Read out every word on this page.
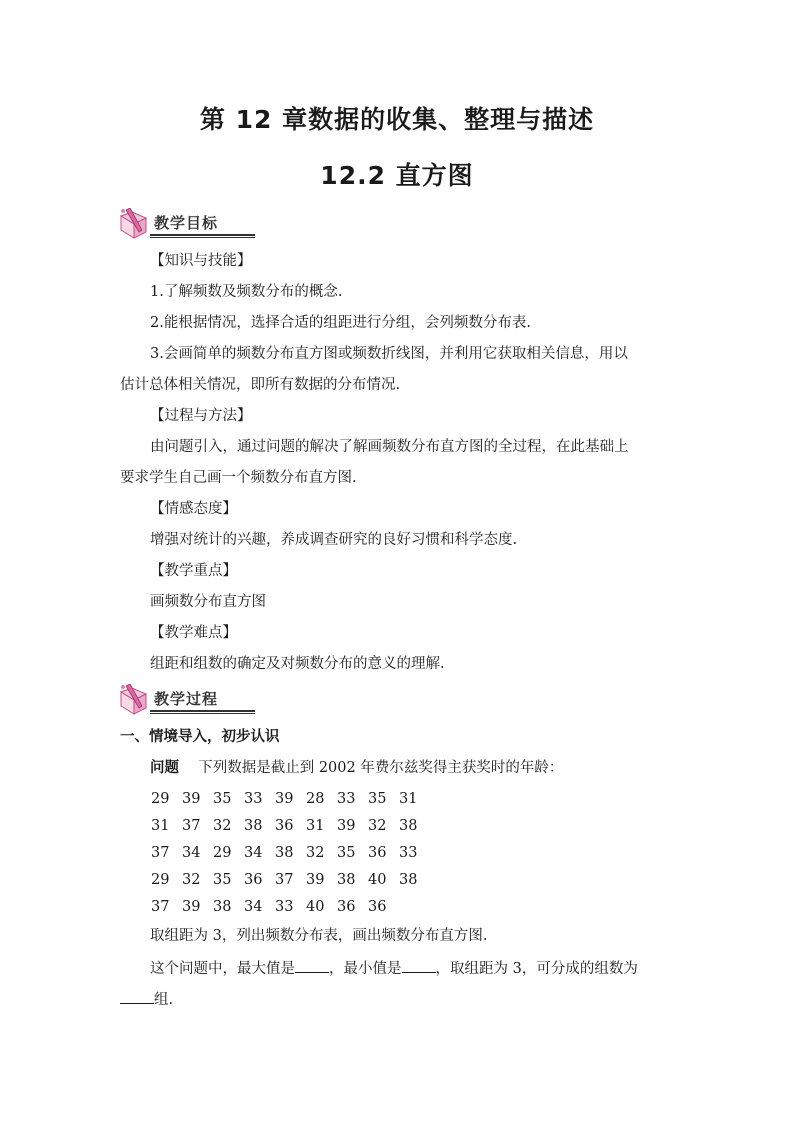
第 12 章数据的收集、整理与描述
12.2 直方图
教学目标
【知识与技能】
1.了解频数及频数分布的概念.
2.能根据情况，选择合适的组距进行分组，会列频数分布表.
3.会画简单的频数分布直方图或频数折线图，并利用它获取相关信息，用以
估计总体相关情况，即所有数据的分布情况.
【过程与方法】
由问题引入，通过问题的解决了解画频数分布直方图的全过程，在此基础上
要求学生自己画一个频数分布直方图.
【情感态度】
增强对统计的兴趣，养成调查研究的良好习惯和科学态度.
【教学重点】
画频数分布直方图
【教学难点】
组距和组数的确定及对频数分布的意义的理解.
教学过程
一、情境导入，初步认识
问题 下列数据是截止到 2002 年费尔兹奖得主获奖时的年龄：
29 39 35 33 39 28 33 35 31
31 37 32 38 36 31 39 32 38
37 34 29 34 38 32 35 36 33
29 32 35 36 37 39 38 40 38
37 39 38 34 33 40 36 36
取组距为 3，列出频数分布表，画出频数分布直方图.
这个问题中，最大值是 ，最小值是 ，取组距为 3，可分成的组数为
组.
